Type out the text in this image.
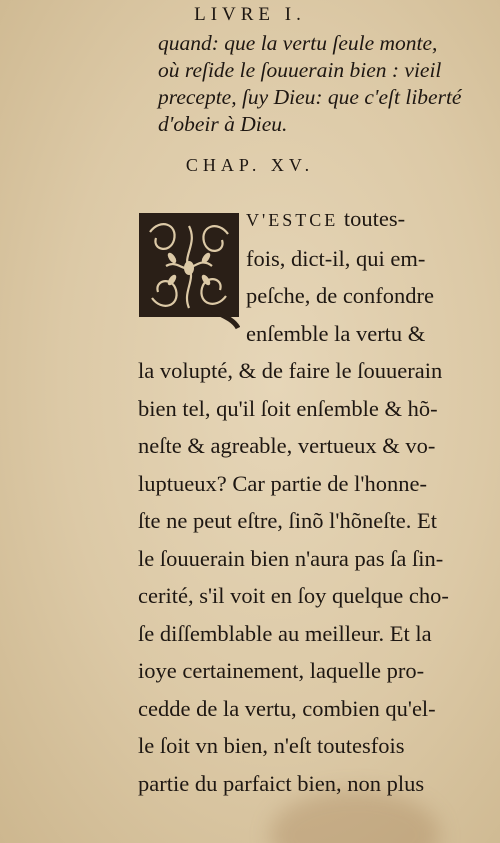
LIVRE I.
quand: que la vertu ſeule monte,
où reſide le ſouuerain bien : vieil
precepte, ſuy Dieu: que c'eſt liberté
d'obeir à Dieu.
CHAP. XV.
V'ESTCE toutes-
fois, dict-il, qui em-
peſche, de confondre
enſemble la vertu &
la volupté, & de faire le ſouuerain
bien tel, qu'il ſoit enſemble & hõ-
neſte & agreable, vertueux & vo-
luptueux? Car partie de l'honne-
ſte ne peut eſtre, ſinõ l'hõneſte. Et
le ſouuerain bien n'aura pas ſa ſin-
cerité, s'il voit en ſoy quelque cho-
ſe diſſemblable au meilleur. Et la
ioye certainement, laquelle pro-
cedde de la vertu, combien qu'el-
le ſoit vn bien, n'eſt toutesfois
partie du parfaict bien, non plus
